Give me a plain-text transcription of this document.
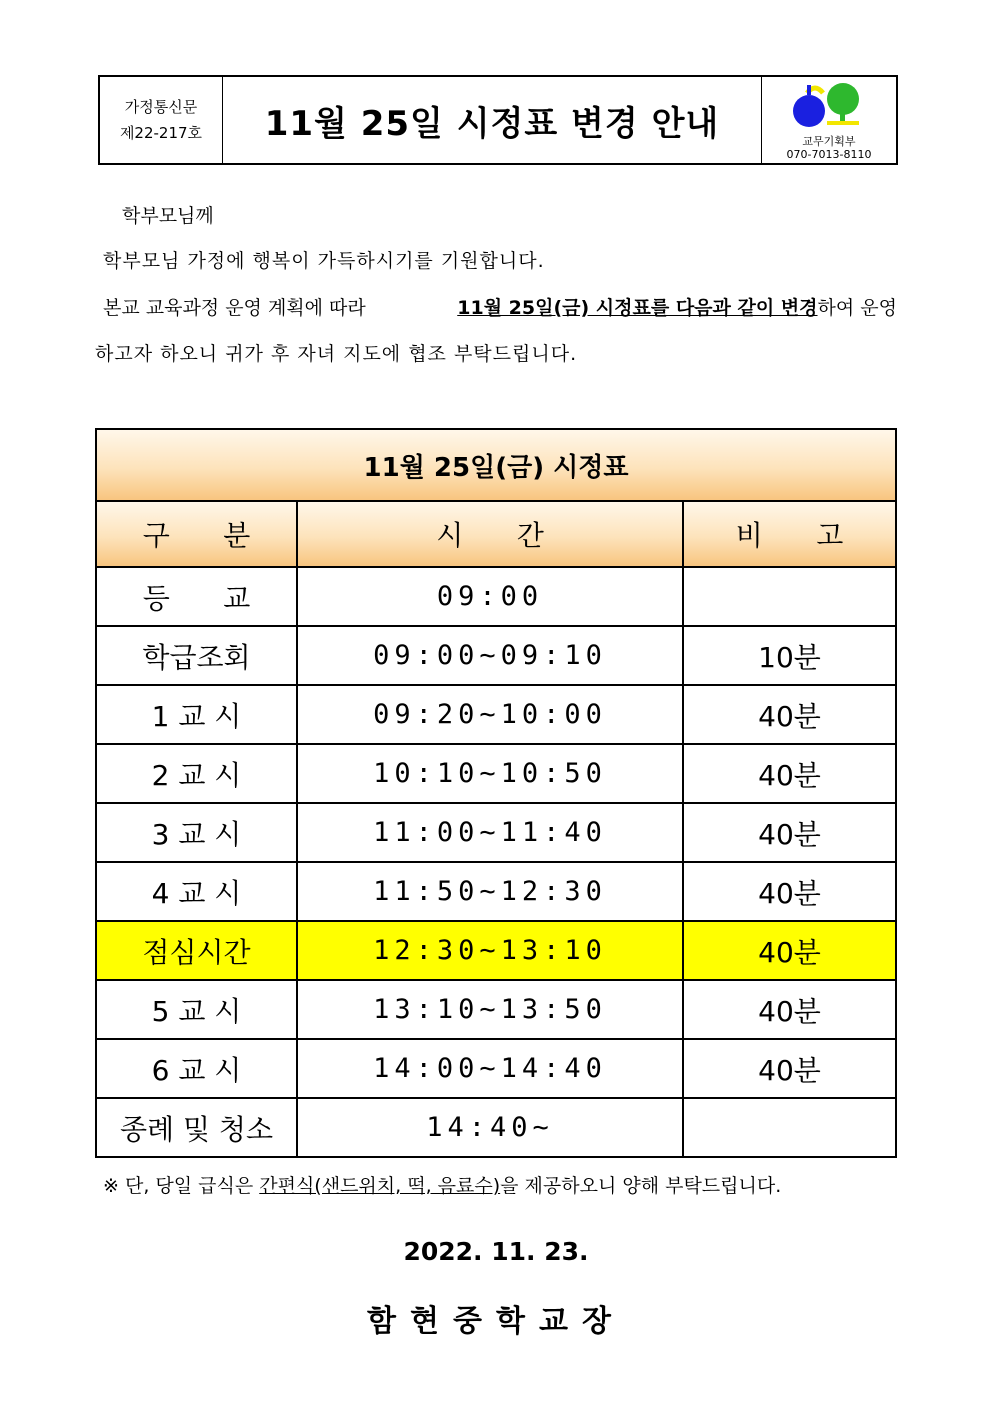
가정통신문
제22-217호	11월 25일 시정표 변경 안내	교무기획부
070-7013-8110
학부모님께
학부모님 가정에 행복이 가득하시기를 기원합니다.
본교 교육과정 운영 계획에 따라	11월 25일(금) 시정표를 다음과 같이 변경하여 운영
하고자 하오니 귀가 후 자녀 지도에 협조 부탁드립니다.
11월 25일(금) 시정표		
구      분	시      간	비      고
등      교	09:00	
학급조회	09:00~09:10	10분
1 교 시	09:20~10:00	40분
2 교 시	10:10~10:50	40분
3 교 시	11:00~11:40	40분
4 교 시	11:50~12:30	40분
점심시간	12:30~13:10	40분
5 교 시	13:10~13:50	40분
6 교 시	14:00~14:40	40분
종례 및 청소	14:40~	
※ 단, 당일 급식은 간편식(샌드위치, 떡, 음료수)을 제공하오니 양해 부탁드립니다.
2022. 11. 23.
함현중학교장
